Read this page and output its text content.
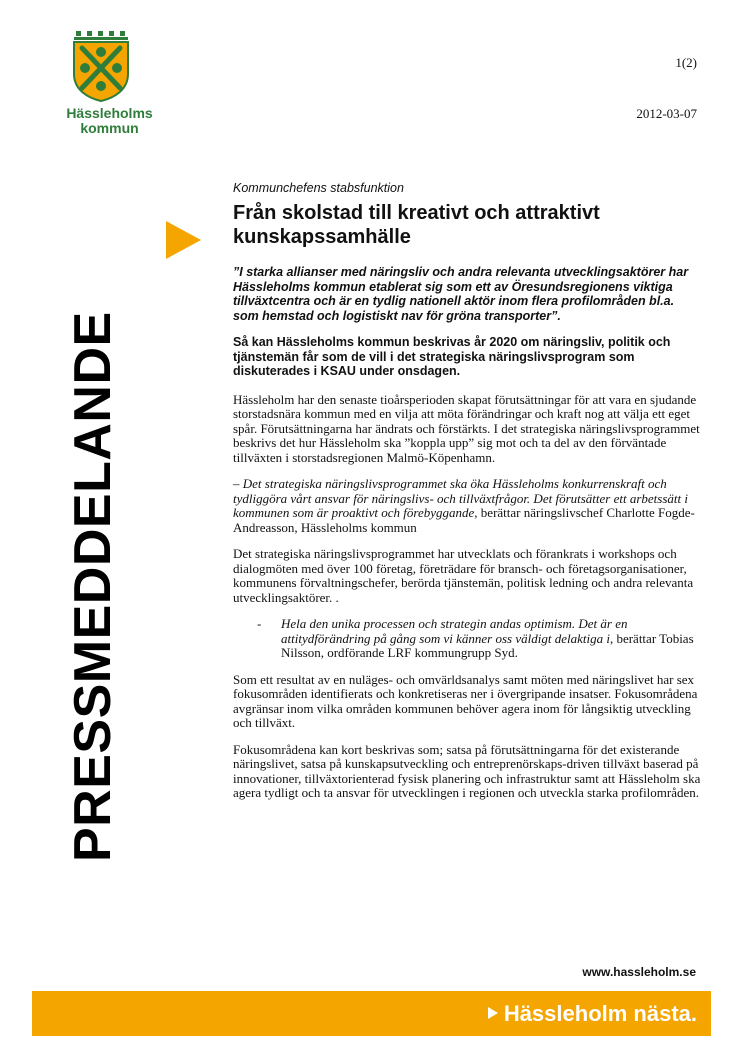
Hässleholms
kommun
1(2)
2012-03-07
PRESSMEDDELANDE

Kommunchefens stabsfunktion

Från skolstad till kreativt och attraktivt kunskapssamhälle

”I starka allianser med näringsliv och andra relevanta utvecklingsaktörer har Hässleholms kommun etablerat sig som ett av Öresundsregionens viktiga tillväxtcentra och är en tydlig nationell aktör inom flera profilområden bl.a. som hemstad och logistiskt nav för gröna transporter”.

Så kan Hässleholms kommun beskrivas år 2020 om näringsliv, politik och tjänstemän får som de vill i det strategiska näringslivsprogram som diskuterades i KSAU under onsdagen.

Hässleholm har den senaste tioårsperioden skapat förutsättningar för att vara en sjudande storstadsnära kommun med en vilja att möta förändringar och kraft nog att välja ett eget spår. Förutsättningarna har ändrats och förstärkts. I det strategiska näringslivsprogrammet beskrivs det hur Hässleholm ska ”koppla upp” sig mot och ta del av den förväntade tillväxten i storstadsregionen Malmö-Köpenhamn.

– Det strategiska näringslivsprogrammet ska öka Hässleholms konkurrenskraft och tydliggöra vårt ansvar för näringslivs- och tillväxtfrågor. Det förutsätter ett arbetssätt i kommunen som är proaktivt och förebyggande, berättar näringslivschef Charlotte Fogde-Andreasson, Hässleholms kommun

Det strategiska näringslivsprogrammet har utvecklats och förankrats i workshops och dialogmöten med över 100 företag, företrädare för bransch- och företagsorganisationer, kommunens förvaltningschefer, berörda tjänstemän, politisk ledning och andra relevanta utvecklingsaktörer. .

-	Hela den unika processen och strategin andas optimism. Det är en attitydförändring på gång som vi känner oss väldigt delaktiga i, berättar Tobias Nilsson, ordförande LRF kommungrupp Syd.

Som ett resultat av en nuläges- och omvärldsanalys samt möten med näringslivet har sex fokusområden identifierats och konkretiseras ner i övergripande insatser. Fokusområdena avgränsar inom vilka områden kommunen behöver agera inom för långsiktig utveckling och tillväxt.

Fokusområdena kan kort beskrivas som; satsa på förutsättningarna för det existerande näringslivet, satsa på kunskapsutveckling och entreprenörskaps-driven tillväxt baserad på innovationer, tillväxtorienterad fysisk planering och infrastruktur samt att Hässleholm ska agera tydligt och ta ansvar för utvecklingen i regionen och utveckla starka profilområden.

www.hassleholm.se
Hässleholm nästa.
